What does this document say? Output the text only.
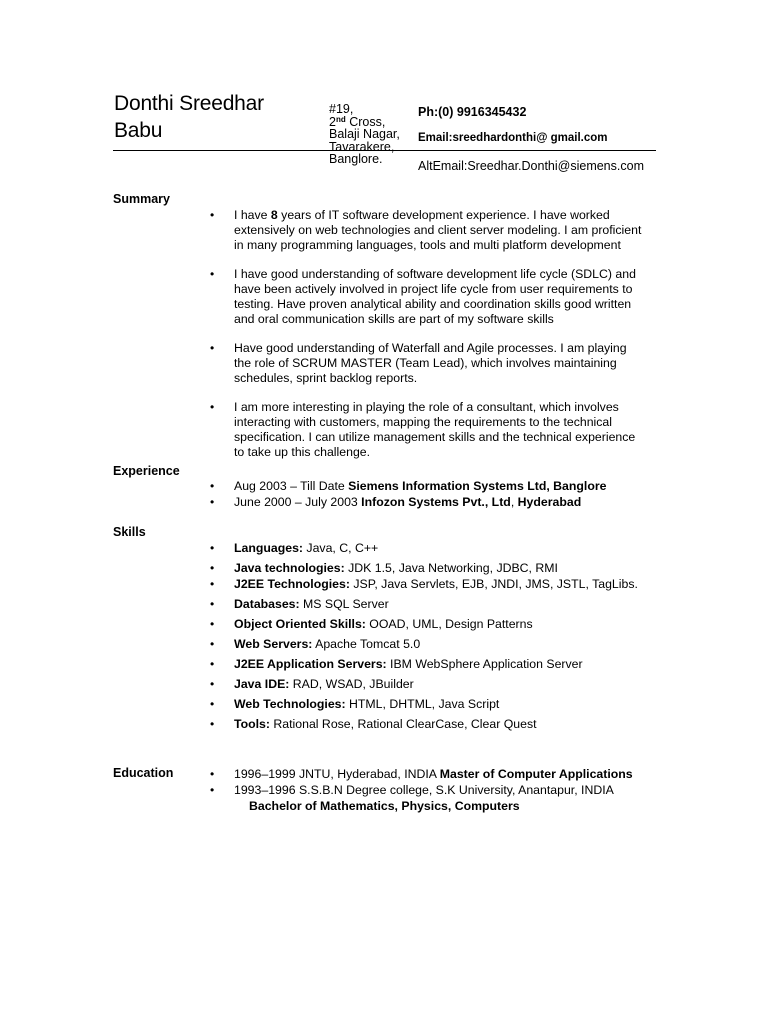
Donthi Sreedhar
Babu
#19,
2nd Cross,
Balaji Nagar,
Tavarakere,
Banglore.
Ph:(0) 9916345432
Email:sreedhardonthi@ gmail.com
AltEmail:Sreedhar.Donthi@siemens.com
Summary
• I have 8 years of IT software development experience. I have worked extensively on web technologies and client server modeling. I am proficient in many programming languages, tools and multi platform development
• I have good understanding of software development life cycle (SDLC) and have been actively involved in project life cycle from user requirements to testing. Have proven analytical ability and coordination skills good written and oral communication skills are part of my software skills
• Have good understanding of Waterfall and Agile processes. I am playing the role of SCRUM MASTER (Team Lead), which involves maintaining schedules, sprint backlog reports.
• I am more interesting in playing the role of a consultant, which involves interacting with customers, mapping the requirements to the technical specification. I can utilize management skills and the technical experience to take up this challenge.
Experience
• Aug 2003 – Till Date Siemens Information Systems Ltd, Banglore
• June 2000 – July 2003 Infozon Systems Pvt., Ltd, Hyderabad
Skills
• Languages: Java, C, C++
• Java technologies: JDK 1.5, Java Networking, JDBC, RMI
• J2EE Technologies: JSP, Java Servlets, EJB, JNDI, JMS, JSTL, TagLibs.
• Databases: MS SQL Server
• Object Oriented Skills: OOAD, UML, Design Patterns
• Web Servers: Apache Tomcat 5.0
• J2EE Application Servers: IBM WebSphere Application Server
• Java IDE: RAD, WSAD, JBuilder
• Web Technologies: HTML, DHTML, Java Script
• Tools: Rational Rose, Rational ClearCase, Clear Quest
Education	• 1996–1999 JNTU, Hyderabad, INDIA Master of Computer Applications
• 1993–1996 S.S.B.N Degree college, S.K University, Anantapur, INDIA
Bachelor of Mathematics, Physics, Computers
